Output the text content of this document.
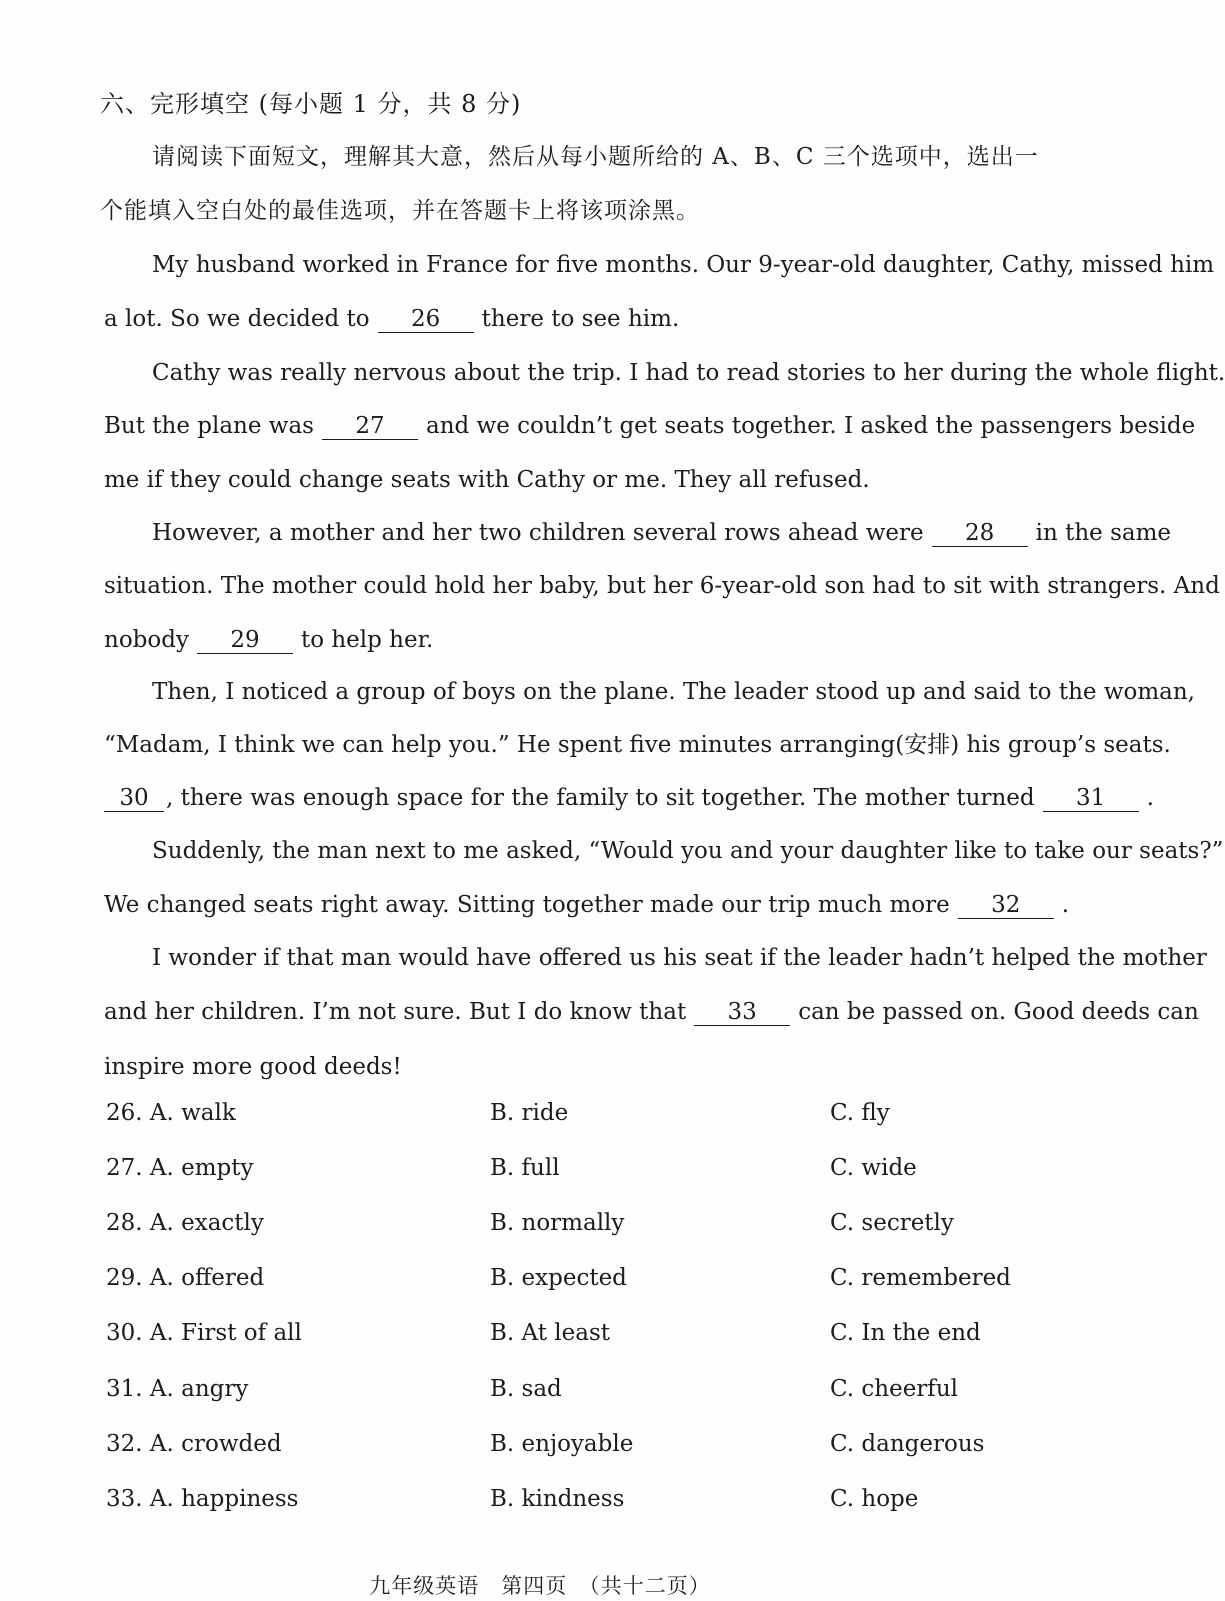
六、完形填空 (每小题 1 分，共 8 分)
请阅读下面短文，理解其大意，然后从每小题所给的 A、B、C 三个选项中，选出一
个能填入空白处的最佳选项，并在答题卡上将该项涂黑。
My husband worked in France for five months. Our 9-year-old daughter, Cathy, missed him
a lot. So we decided to 26 there to see him.
Cathy was really nervous about the trip. I had to read stories to her during the whole flight.
But the plane was 27 and we couldn’t get seats together. I asked the passengers beside
me if they could change seats with Cathy or me. They all refused.
However, a mother and her two children several rows ahead were 28 in the same
situation. The mother could hold her baby, but her 6-year-old son had to sit with strangers. And
nobody 29 to help her.
Then, I noticed a group of boys on the plane. The leader stood up and said to the woman,
“Madam, I think we can help you.” He spent five minutes arranging(安排) his group’s seats.
30 , there was enough space for the family to sit together. The mother turned 31 .
Suddenly, the man next to me asked, “Would you and your daughter like to take our seats?”
We changed seats right away. Sitting together made our trip much more 32 .
I wonder if that man would have offered us his seat if the leader hadn’t helped the mother
and her children. I’m not sure. But I do know that 33 can be passed on. Good deeds can
inspire more good deeds!
26. A. walk	B. ride	C. fly
27. A. empty	B. full	C. wide
28. A. exactly	B. normally	C. secretly
29. A. offered	B. expected	C. remembered
30. A. First of all	B. At least	C. In the end
31. A. angry	B. sad	C. cheerful
32. A. crowded	B. enjoyable	C. dangerous
33. A. happiness	B. kindness	C. hope
九年级英语　第四页　（共十二页）
